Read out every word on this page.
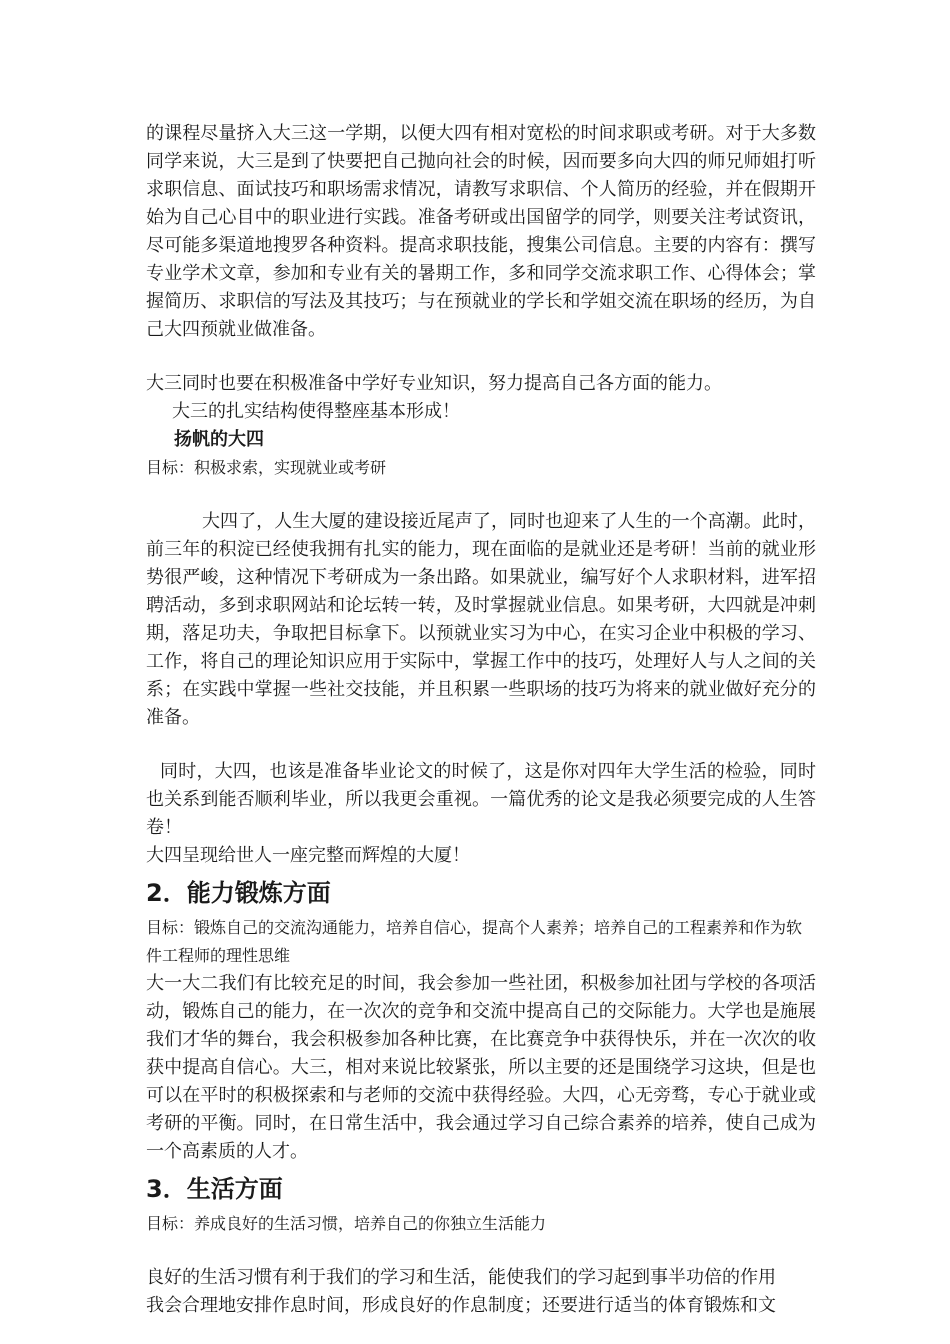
的课程尽量挤入大三这一学期，以便大四有相对宽松的时间求职或考研。对于大多数同学来说，大三是到了快要把自己抛向社会的时候，因而要多向大四的师兄师姐打听求职信息、面试技巧和职场需求情况，请教写求职信、个人简历的经验，并在假期开始为自己心目中的职业进行实践。准备考研或出国留学的同学，则要关注考试资讯，尽可能多渠道地搜罗各种资料。提高求职技能，搜集公司信息。主要的内容有：撰写专业学术文章，参加和专业有关的暑期工作，多和同学交流求职工作、心得体会；掌握简历、求职信的写法及其技巧；与在预就业的学长和学姐交流在职场的经历，为自己大四预就业做准备。

大三同时也要在积极准备中学好专业知识，努力提高自己各方面的能力。

大三的扎实结构使得整座基本形成！

扬帆的大四

目标：积极求索，实现就业或考研

大四了，人生大厦的建设接近尾声了，同时也迎来了人生的一个高潮。此时，前三年的积淀已经使我拥有扎实的能力，现在面临的是就业还是考研！当前的就业形势很严峻，这种情况下考研成为一条出路。如果就业，编写好个人求职材料，进军招聘活动，多到求职网站和论坛转一转，及时掌握就业信息。如果考研，大四就是冲刺期，落足功夫，争取把目标拿下。以预就业实习为中心，在实习企业中积极的学习、工作，将自己的理论知识应用于实际中，掌握工作中的技巧，处理好人与人之间的关系；在实践中掌握一些社交技能，并且积累一些职场的技巧为将来的就业做好充分的准备。

同时，大四，也该是准备毕业论文的时候了，这是你对四年大学生活的检验，同时也关系到能否顺利毕业，所以我更会重视。一篇优秀的论文是我必须要完成的人生答卷！

大四呈现给世人一座完整而辉煌的大厦！

2．能力锻炼方面

目标：锻炼自己的交流沟通能力，培养自信心，提高个人素养；培养自己的工程素养和作为软件工程师的理性思维

大一大二我们有比较充足的时间，我会参加一些社团，积极参加社团与学校的各项活动，锻炼自己的能力，在一次次的竞争和交流中提高自己的交际能力。大学也是施展我们才华的舞台，我会积极参加各种比赛，在比赛竞争中获得快乐，并在一次次的收获中提高自信心。大三，相对来说比较紧张，所以主要的还是围绕学习这块，但是也可以在平时的积极探索和与老师的交流中获得经验。大四，心无旁骛，专心于就业或考研的平衡。同时，在日常生活中，我会通过学习自己综合素养的培养，使自己成为一个高素质的人才。

3．生活方面

目标：养成良好的生活习惯，培养自己的你独立生活能力

良好的生活习惯有利于我们的学习和生活，能使我们的学习起到事半功倍的作用

我会合理地安排作息时间，形成良好的作息制度；还要进行适当的体育锻炼和文
